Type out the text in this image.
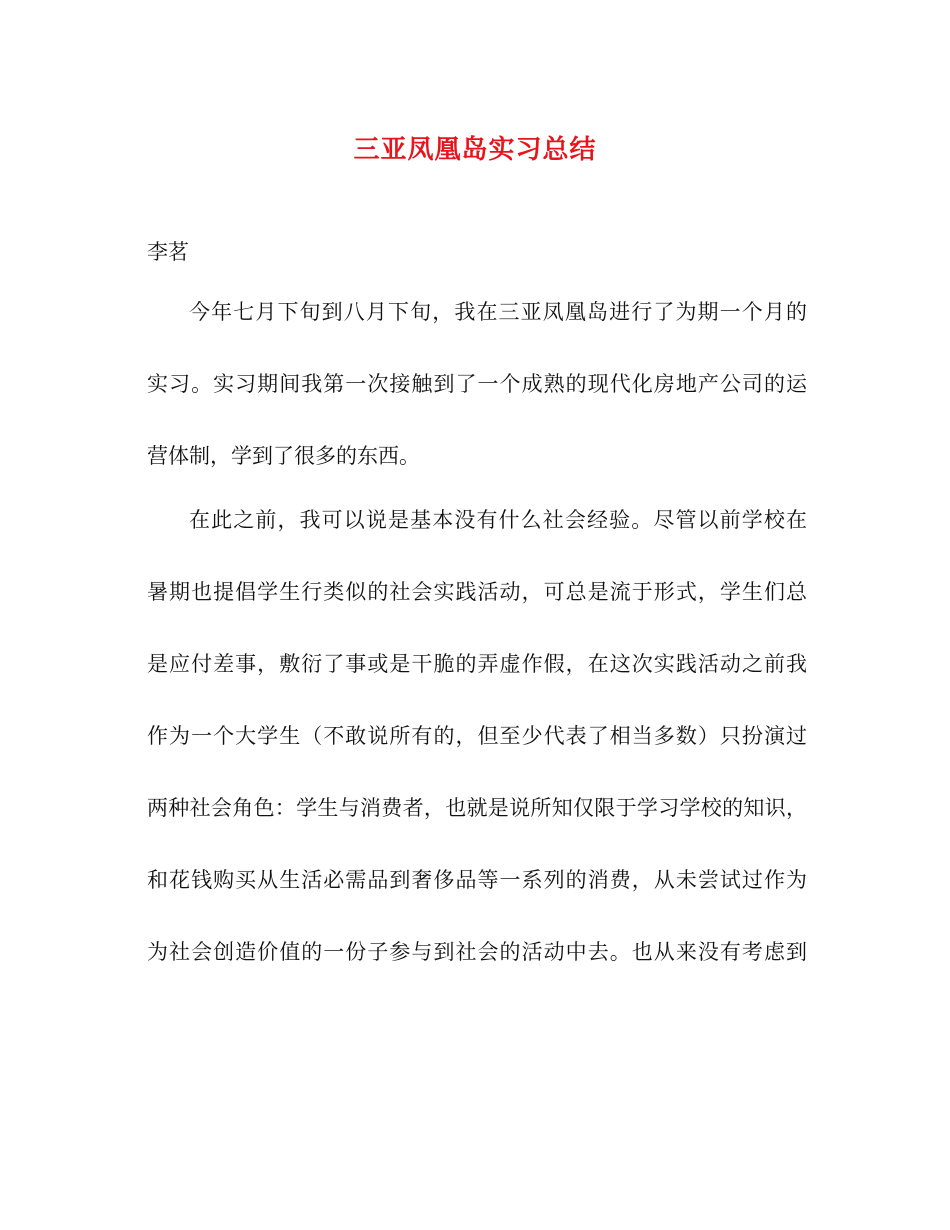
三亚凤凰岛实习总结
李茗
今年七月下旬到八月下旬，我在三亚凤凰岛进行了为期一个月的
实习。实习期间我第一次接触到了一个成熟的现代化房地产公司的运
营体制，学到了很多的东西。
在此之前，我可以说是基本没有什么社会经验。尽管以前学校在
暑期也提倡学生行类似的社会实践活动，可总是流于形式，学生们总
是应付差事，敷衍了事或是干脆的弄虚作假，在这次实践活动之前我
作为一个大学生（不敢说所有的，但至少代表了相当多数）只扮演过
两种社会角色：学生与消费者，也就是说所知仅限于学习学校的知识，
和花钱购买从生活必需品到奢侈品等一系列的消费，从未尝试过作为
为社会创造价值的一份子参与到社会的活动中去。也从来没有考虑到
